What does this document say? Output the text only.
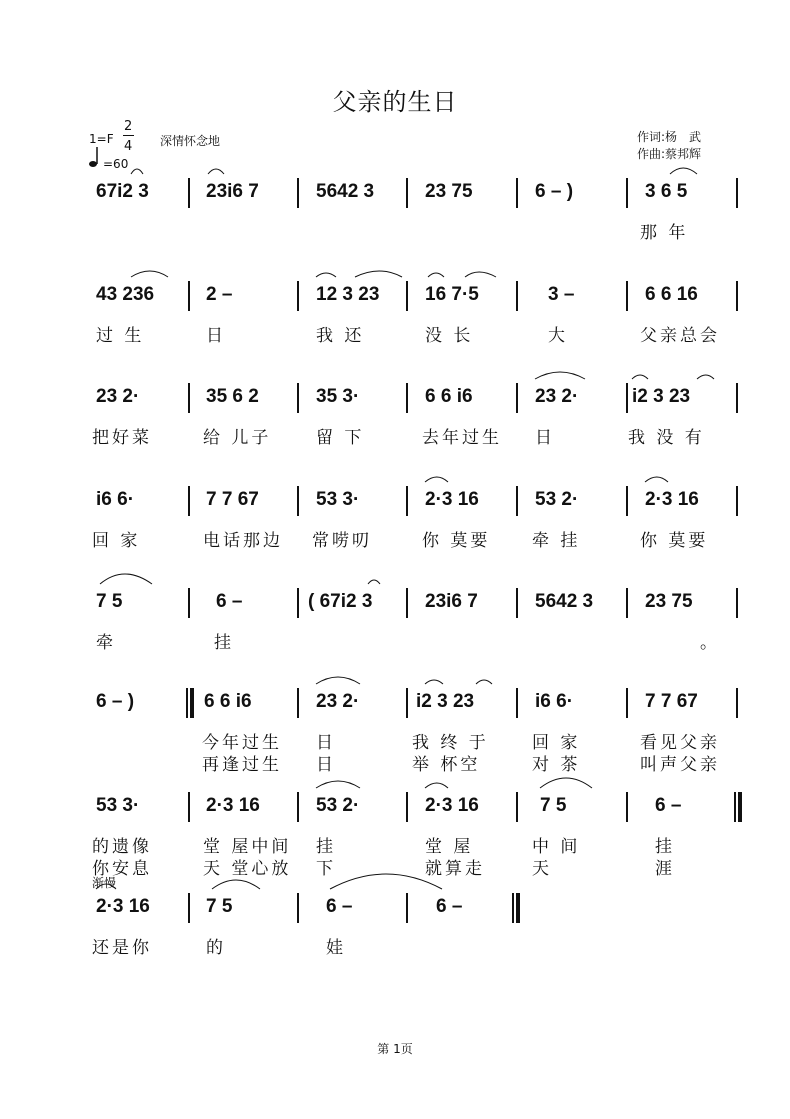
父亲的生日
1=F
2
4 深情怀念地
=60
作词:杨　武
作曲:蔡邦辉
67i2 3	23i6 7	5642 3	23 75	6 – )	3 6 5
那 年
43 236	2 –	12 3 23 16 7·5	3 –	6 6 16
过 生	日	我 还	没 长	大	父亲总会
23 2·	35 6 2	35 3·	6 6 i6	23 2·	i2 3 23
把好菜	给 儿子	留 下	去年过生 日	我 没 有
i6 6·	7 7 67	53 3·	2·3 16	53 2·	2·3 16
回 家	电话那边 常唠叨	你 莫要 牵 挂	你 莫要
7 5	6 –	( 67i2 3	23i6 7	5642 3	23 75
牵	挂	。
6 – )	6 6 i6	23 2·	i2 3 23	i6 6·	7 7 67
今年过生 日	我 终 于	回 家	看见父亲
再逢过生 日	举 杯空	对 茶	叫声父亲
53 3·	2·3 16	53 2·	2·3 16	7 5	6 –
的遗像	堂 屋中间 挂	堂 屋	中 间	挂
你安息	天 堂心放 下	就算走	天	涯
渐慢
2·3 16	7 5	6 –	6 –
还是你	的	娃
第 1页
